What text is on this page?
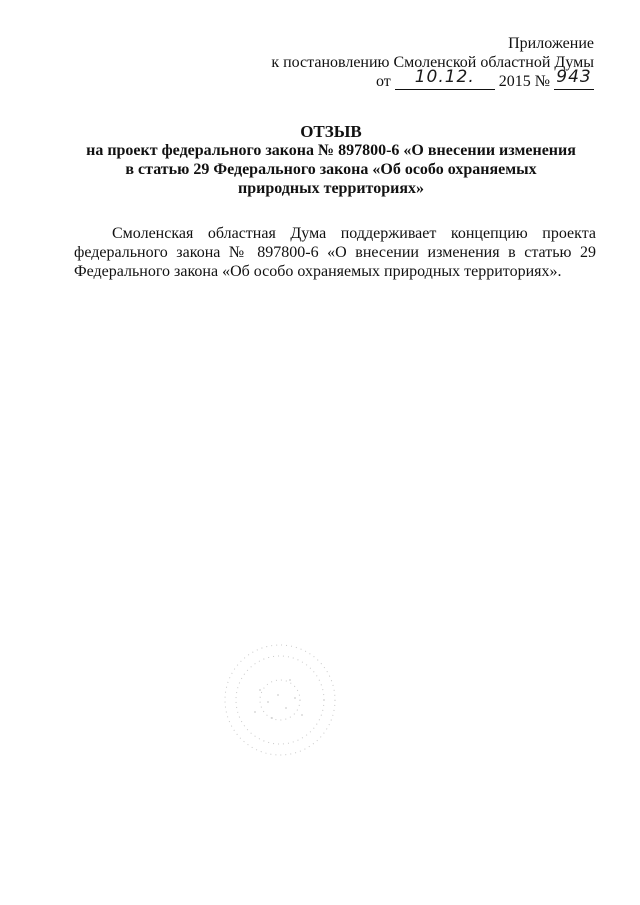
Приложение
к постановлению Смоленской областной Думы
от 10.12. 2015 № 943
ОТЗЫВ
на проект федерального закона № 897800-6 «О внесении изменения
в статью 29 Федерального закона «Об особо охраняемых
природных территориях»

Смоленская областная Дума поддерживает концепцию проекта федерального закона № 897800-6 «О внесении изменения в статью 29 Федерального закона «Об особо охраняемых природных территориях».
